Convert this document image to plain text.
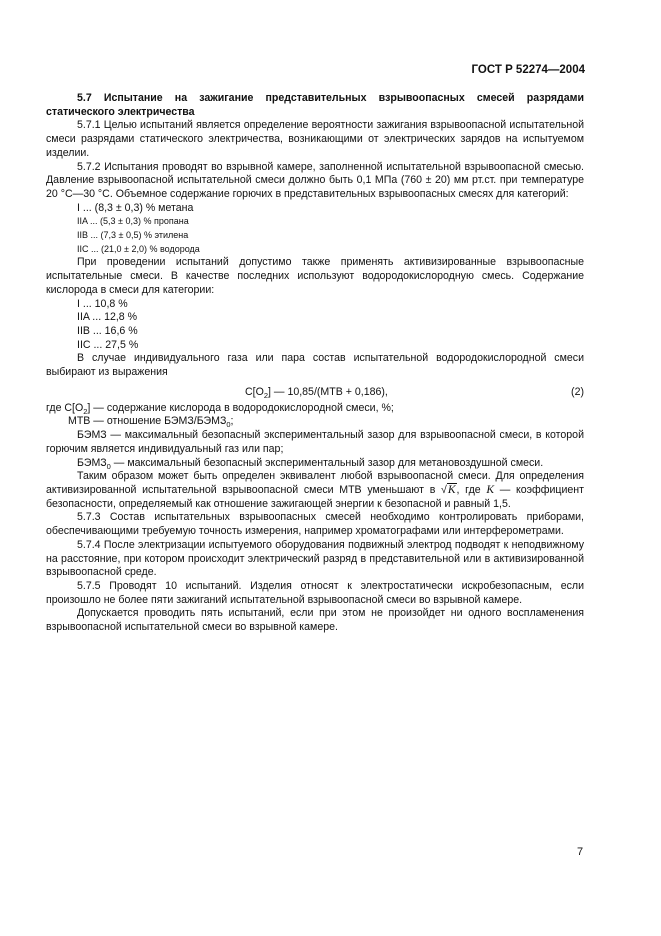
ГОСТ Р 52274—2004

5.7 Испытание на зажигание представительных взрывоопасных смесей разрядами статического электричества

5.7.1 Целью испытаний является определение вероятности зажигания взрывоопасной испытательной смеси разрядами статического электричества, возникающими от электрических зарядов на испытуемом изделии.

5.7.2 Испытания проводят во взрывной камере, заполненной испытательной взрывоопасной смесью. Давление взрывоопасной испытательной смеси должно быть 0,1 МПа (760 ± 20) мм рт.ст. при температуре 20 °С—30 °С. Объемное содержание горючих в представительных взрывоопасных смесях для категорий:

I ... (8,3 ± 0,3) % метана
IIA ... (5,3 ± 0,3) % пропана
IIB ... (7,3 ± 0,5) % этилена
IIC ... (21,0 ± 2,0) % водорода

При проведении испытаний допустимо также применять активизированные взрывоопасные испытательные смеси. В качестве последних используют водородокислородную смесь. Содержание кислорода в смеси для категории:

I ... 10,8 %
IIA ... 12,8 %
IIB ... 16,6 %
IIC ... 27,5 %

В случае индивидуального газа или пара состав испытательной водородокислородной смеси выбирают из выражения

$C[O_2]$ — 10,85/(МТВ + 0,186),	(2)

где $C[O_2]$ — содержание кислорода в водородокислородной смеси, %;

МТВ — отношение БЭМЗ/$БЭМЗ_0$;

БЭМЗ — максимальный безопасный экспериментальный зазор для взрывоопасной смеси, в которой горючим является индивидуальный газ или пар;

$БЭМЗ_0$ — максимальный безопасный экспериментальный зазор для метановоздушной смеси.

Таким образом может быть определен эквивалент любой взрывоопасной смеси. Для определения активизированной испытательной взрывоопасной смеси МТВ уменьшают в √K, где K — коэффициент безопасности, определяемый как отношение зажигающей энергии к безопасной и равный 1,5.

5.7.3 Состав испытательных взрывоопасных смесей необходимо контролировать приборами, обеспечивающими требуемую точность измерения, например хроматографами или интерферометрами.

5.7.4 После электризации испытуемого оборудования подвижный электрод подводят к неподвижному на расстояние, при котором происходит электрический разряд в представительной или в активизированной взрывоопасной среде.

5.7.5 Проводят 10 испытаний. Изделия относят к электростатически искробезопасным, если произошло не более пяти зажиганий испытательной взрывоопасной смеси во взрывной камере.

Допускается проводить пять испытаний, если при этом не произойдет ни одного воспламенения взрывоопасной испытательной смеси во взрывной камере.

7
